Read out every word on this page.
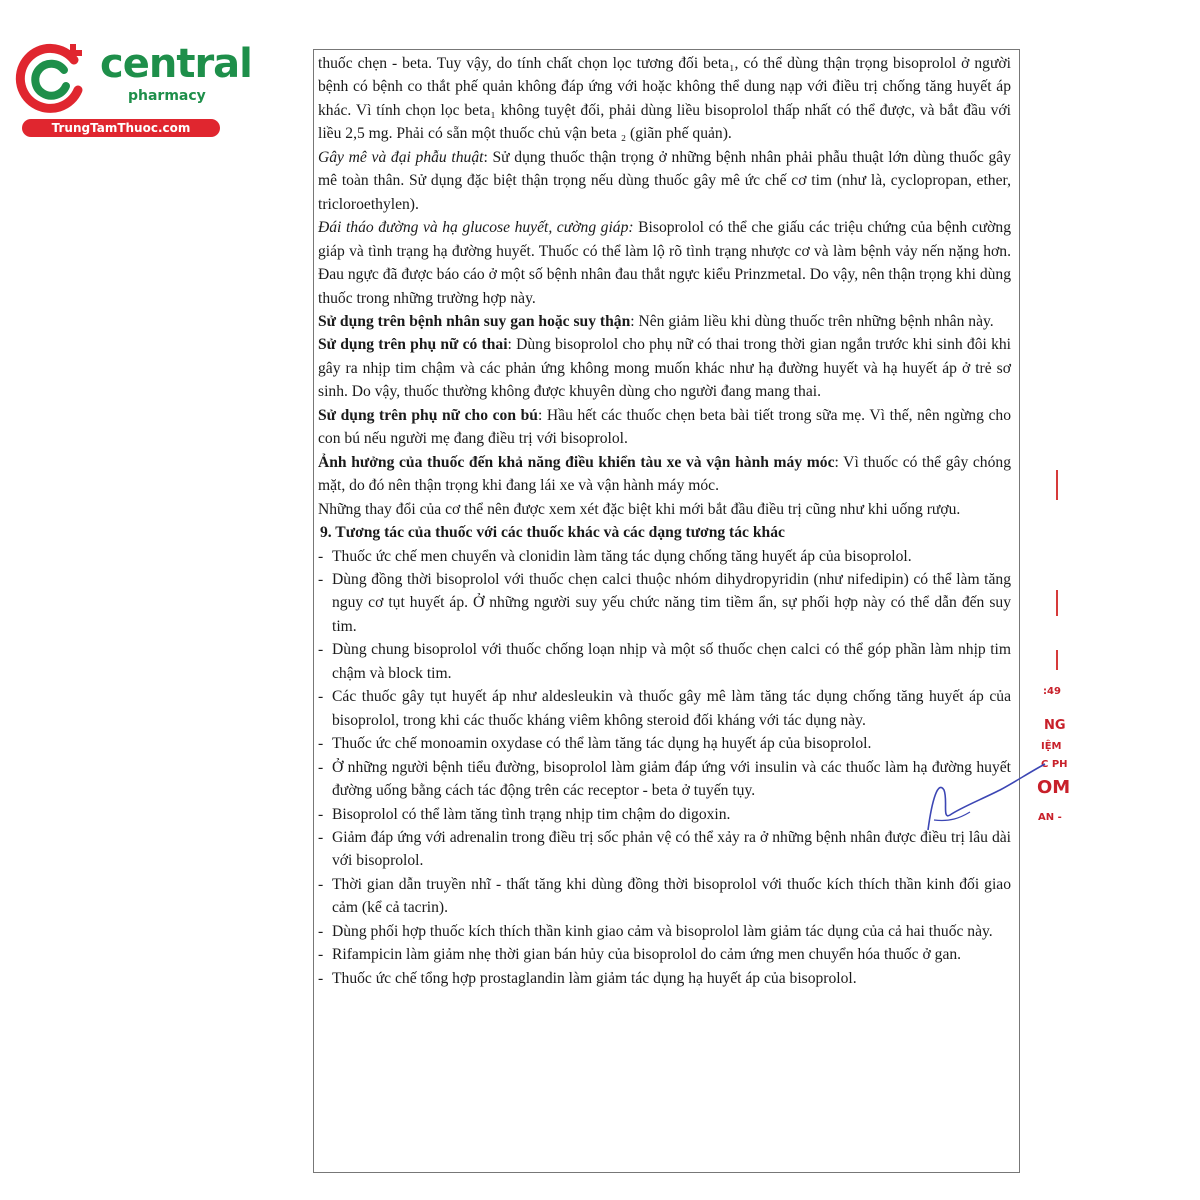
central
pharmacy
TrungTamThuoc.com

thuốc chẹn - beta. Tuy vậy, do tính chất chọn lọc tương đối beta₁, có thể dùng thận trọng bisoprolol ở người bệnh có bệnh co thắt phế quản không đáp ứng với hoặc không thể dung nạp với điều trị chống tăng huyết áp khác. Vì tính chọn lọc beta₁ không tuyệt đối, phải dùng liều bisoprolol thấp nhất có thể được, và bắt đầu với liều 2,5 mg. Phải có sẵn một thuốc chủ vận beta ₂ (giãn phế quản).

Gây mê và đại phẫu thuật: Sử dụng thuốc thận trọng ở những bệnh nhân phải phẫu thuật lớn dùng thuốc gây mê toàn thân. Sử dụng đặc biệt thận trọng nếu dùng thuốc gây mê ức chế cơ tim (như là, cyclopropan, ether, tricloroethylen).

Đái tháo đường và hạ glucose huyết, cường giáp: Bisoprolol có thể che giấu các triệu chứng của bệnh cường giáp và tình trạng hạ đường huyết. Thuốc có thể làm lộ rõ tình trạng nhược cơ và làm bệnh vảy nến nặng hơn. Đau ngực đã được báo cáo ở một số bệnh nhân đau thắt ngực kiểu Prinzmetal. Do vậy, nên thận trọng khi dùng thuốc trong những trường hợp này.

Sử dụng trên bệnh nhân suy gan hoặc suy thận: Nên giảm liều khi dùng thuốc trên những bệnh nhân này.

Sử dụng trên phụ nữ có thai: Dùng bisoprolol cho phụ nữ có thai trong thời gian ngắn trước khi sinh đôi khi gây ra nhịp tim chậm và các phản ứng không mong muốn khác như hạ đường huyết và hạ huyết áp ở trẻ sơ sinh. Do vậy, thuốc thường không được khuyên dùng cho người đang mang thai.

Sử dụng trên phụ nữ cho con bú: Hầu hết các thuốc chẹn beta bài tiết trong sữa mẹ. Vì thế, nên ngừng cho con bú nếu người mẹ đang điều trị với bisoprolol.

Ảnh hưởng của thuốc đến khả năng điều khiển tàu xe và vận hành máy móc: Vì thuốc có thể gây chóng mặt, do đó nên thận trọng khi đang lái xe và vận hành máy móc.

Những thay đổi của cơ thể nên được xem xét đặc biệt khi mới bắt đầu điều trị cũng như khi uống rượu.

9. Tương tác của thuốc với các thuốc khác và các dạng tương tác khác

- Thuốc ức chế men chuyển và clonidin làm tăng tác dụng chống tăng huyết áp của bisoprolol.

- Dùng đồng thời bisoprolol với thuốc chẹn calci thuộc nhóm dihydropyridin (như nifedipin) có thể làm tăng nguy cơ tụt huyết áp. Ở những người suy yếu chức năng tim tiềm ẩn, sự phối hợp này có thể dẫn đến suy tim.

- Dùng chung bisoprolol với thuốc chống loạn nhịp và một số thuốc chẹn calci có thể góp phần làm nhịp tim chậm và block tim.

- Các thuốc gây tụt huyết áp như aldesleukin và thuốc gây mê làm tăng tác dụng chống tăng huyết áp của bisoprolol, trong khi các thuốc kháng viêm không steroid đối kháng với tác dụng này.

- Thuốc ức chế monoamin oxydase có thể làm tăng tác dụng hạ huyết áp của bisoprolol.

- Ở những người bệnh tiểu đường, bisoprolol làm giảm đáp ứng với insulin và các thuốc làm hạ đường huyết đường uống bằng cách tác động trên các receptor - beta ở tuyến tụy.

- Bisoprolol có thể làm tăng tình trạng nhịp tim chậm do digoxin.

- Giảm đáp ứng với adrenalin trong điều trị sốc phản vệ có thể xảy ra ở những bệnh nhân được điều trị lâu dài với bisoprolol.

- Thời gian dẫn truyền nhĩ - thất tăng khi dùng đồng thời bisoprolol với thuốc kích thích thần kinh đối giao cảm (kể cả tacrin).

- Dùng phối hợp thuốc kích thích thần kinh giao cảm và bisoprolol làm giảm tác dụng của cả hai thuốc này.

- Rifampicin làm giảm nhẹ thời gian bán hủy của bisoprolol do cảm ứng men chuyển hóa thuốc ở gan.

- Thuốc ức chế tổng hợp prostaglandin làm giảm tác dụng hạ huyết áp của bisoprolol.

:49
NG
IỆM
C PH
OM
AN -
